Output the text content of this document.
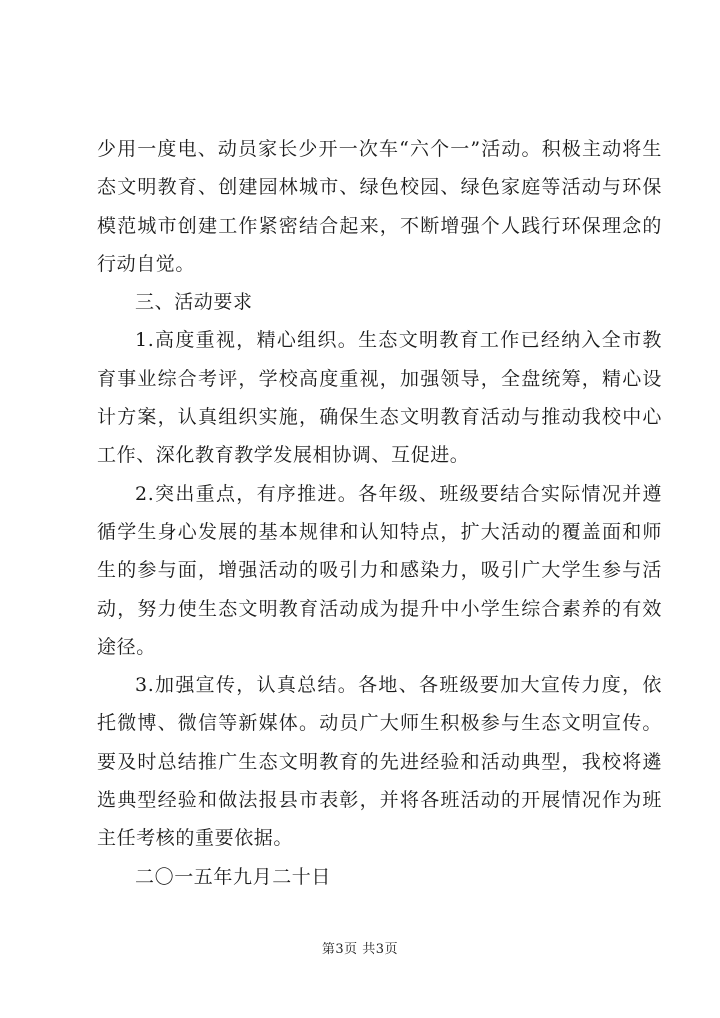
少用一度电、动员家长少开一次车“六个一”活动。积极主动将生态文明教育、创建园林城市、绿色校园、绿色家庭等活动与环保模范城市创建工作紧密结合起来，不断增强个人践行环保理念的行动自觉。

三、活动要求

1.高度重视，精心组织。生态文明教育工作已经纳入全市教育事业综合考评，学校高度重视，加强领导，全盘统筹，精心设计方案，认真组织实施，确保生态文明教育活动与推动我校中心工作、深化教育教学发展相协调、互促进。

2.突出重点，有序推进。各年级、班级要结合实际情况并遵循学生身心发展的基本规律和认知特点，扩大活动的覆盖面和师生的参与面，增强活动的吸引力和感染力，吸引广大学生参与活动，努力使生态文明教育活动成为提升中小学生综合素养的有效途径。

3.加强宣传，认真总结。各地、各班级要加大宣传力度，依托微博、微信等新媒体。动员广大师生积极参与生态文明宣传。要及时总结推广生态文明教育的先进经验和活动典型，我校将遴选典型经验和做法报县市表彰，并将各班活动的开展情况作为班主任考核的重要依据。

二〇一五年九月二十日

第3页 共3页
